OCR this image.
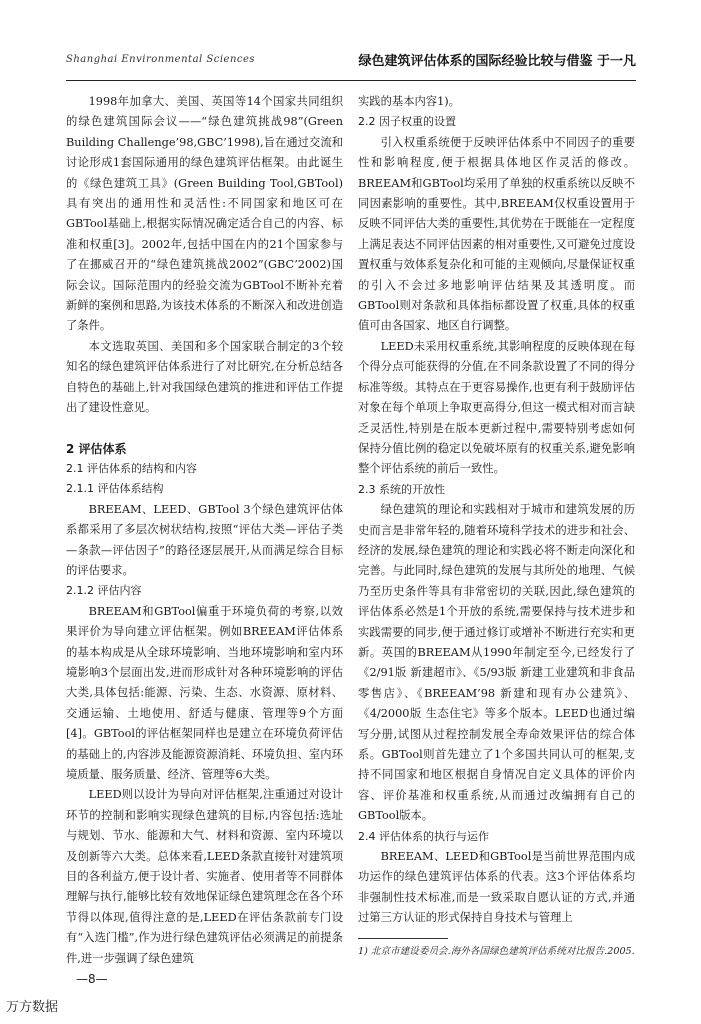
Shanghai Environmental Sciences	绿色建筑评估体系的国际经验比较与借鉴 于一凡

1998年加拿大、美国、英国等14个国家共同组织的绿色建筑国际会议——“绿色建筑挑战98”(Green Building Challenge’98,GBC’1998),旨在通过交流和讨论形成1套国际通用的绿色建筑评估框架。由此诞生的《绿色建筑工具》(Green Building Tool,GBTool)具有突出的通用性和灵活性:不同国家和地区可在GBTool基础上,根据实际情况确定适合自己的内容、标准和权重[3]。2002年,包括中国在内的21个国家参与了在挪威召开的“绿色建筑挑战2002”(GBC’2002)国际会议。国际范围内的经验交流为GBTool不断补充着新鲜的案例和思路,为该技术体系的不断深入和改进创造了条件。

本文选取英国、美国和多个国家联合制定的3个较知名的绿色建筑评估体系进行了对比研究,在分析总结各自特色的基础上,针对我国绿色建筑的推进和评估工作提出了建设性意见。

2 评估体系
2.1 评估体系的结构和内容
2.1.1 评估体系结构

BREEAM、LEED、GBTool 3个绿色建筑评估体系都采用了多层次树状结构,按照“评估大类—评估子类—条款—评估因子”的路径逐层展开,从而满足综合目标的评估要求。

2.1.2 评估内容

BREEAM和GBTool偏重于环境负荷的考察,以效果评价为导向建立评估框架。例如BREEAM评估体系的基本构成是从全球环境影响、当地环境影响和室内环境影响3个层面出发,进而形成针对各种环境影响的评估大类,具体包括:能源、污染、生态、水资源、原材料、交通运输、土地使用、舒适与健康、管理等9个方面[4]。GBTool的评估框架同样也是建立在环境负荷评估的基础上的,内容涉及能源资源消耗、环境负担、室内环境质量、服务质量、经济、管理等6大类。

LEED则以设计为导向对评估框架,注重通过对设计环节的控制和影响实现绿色建筑的目标,内容包括:选址与规划、节水、能源和大气、材料和资源、室内环境以及创新等六大类。总体来看,LEED条款直接针对建筑项目的各利益方,便于设计者、实施者、使用者等不同群体理解与执行,能够比较有效地保证绿色建筑理念在各个环节得以体现,值得注意的是,LEED在评估条款前专门设有“入选门槛”,作为进行绿色建筑评估必须满足的前提条件,进一步强调了绿色建筑

实践的基本内容1)。
2.2 因子权重的设置

引入权重系统便于反映评估体系中不同因子的重要性和影响程度,便于根据具体地区作灵活的修改。BREEAM和GBTool均采用了单独的权重系统以反映不同因素影响的重要性。其中,BREEAM仅权重设置用于反映不同评估大类的重要性,其优势在于既能在一定程度上满足表达不同评估因素的相对重要性,又可避免过度设置权重与效体系复杂化和可能的主观倾向,尽量保证权重的引入不会过多地影响评估结果及其透明度。而GBTool则对条款和具体指标都设置了权重,具体的权重值可由各国家、地区自行调整。

LEED未采用权重系统,其影响程度的反映体现在每个得分点可能获得的分值,在不同条款设置了不同的得分标准等级。其特点在于更容易操作,也更有利于鼓励评估对象在每个单项上争取更高得分,但这一模式相对而言缺乏灵活性,特别是在版本更新过程中,需要特别考虑如何保持分值比例的稳定以免破坏原有的权重关系,避免影响整个评估系统的前后一致性。

2.3 系统的开放性

绿色建筑的理论和实践相对于城市和建筑发展的历史而言是非常年轻的,随着环境科学技术的进步和社会、经济的发展,绿色建筑的理论和实践必将不断走向深化和完善。与此同时,绿色建筑的发展与其所处的地理、气候乃至历史条件等具有非常密切的关联,因此,绿色建筑的评估体系必然是1个开放的系统,需要保持与技术进步和实践需要的同步,便于通过修订或增补不断进行充实和更新。英国的BREEAM从1990年制定至今,已经发行了《2/91版 新建超市》、《5/93版 新建工业建筑和非食品零售店》、《BREEAM’98 新建和现有办公建筑》、《4/2000版 生态住宅》等多个版本。LEED也通过编写分册,试图从过程控制发展全寿命效果评估的综合体系。GBTool则首先建立了1个多国共同认可的框架,支持不同国家和地区根据自身情况自定义具体的评价内容、评价基准和权重系统,从而通过改编拥有自己的GBTool版本。

2.4 评估体系的执行与运作

BREEAM、LEED和GBTool是当前世界范围内成功运作的绿色建筑评估体系的代表。这3个评估体系均非强制性技术标准,而是一致采取自愿认证的方式,并通过第三方认证的形式保持自身技术与管理上

1) 北京市建设委员会.海外各国绿色建筑评估系统对比报告.2005.
—8—
万方数据
